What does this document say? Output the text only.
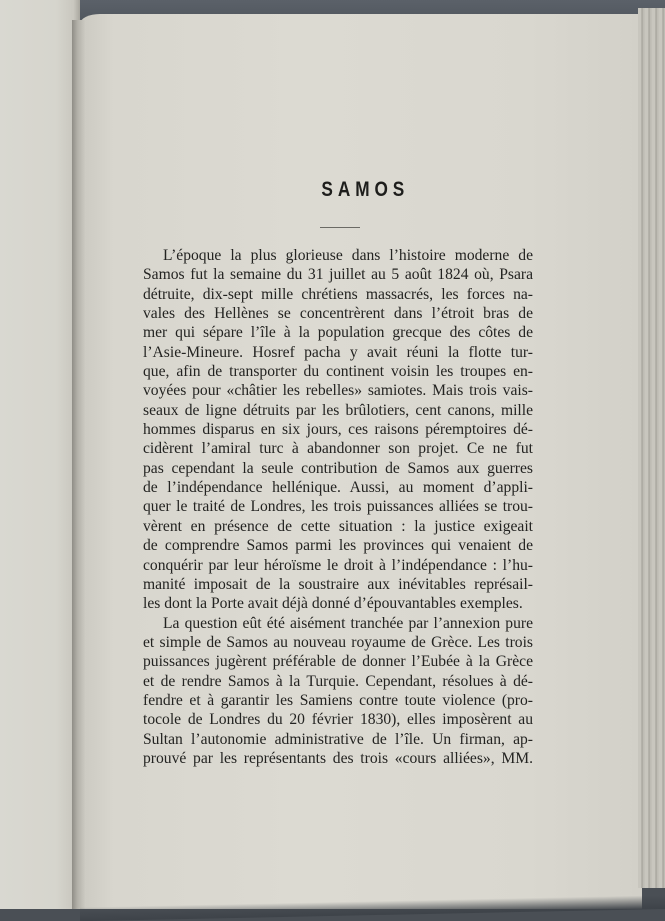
SAMOS
L’époque la plus glorieuse dans l’histoire moderne de
Samos fut la semaine du 31 juillet au 5 août 1824 où, Psara
détruite, dix-sept mille chrétiens massacrés, les forces na-
vales des Hellènes se concentrèrent dans l’étroit bras de
mer qui sépare l’île à la population grecque des côtes de
l’Asie-Mineure. Hosref pacha y avait réuni la flotte tur-
que, afin de transporter du continent voisin les troupes en-
voyées pour «châtier les rebelles» samiotes. Mais trois vais-
seaux de ligne détruits par les brûlotiers, cent canons, mille
hommes disparus en six jours, ces raisons péremptoires dé-
cidèrent l’amiral turc à abandonner son projet. Ce ne fut
pas cependant la seule contribution de Samos aux guerres
de l’indépendance hellénique. Aussi, au moment d’appli-
quer le traité de Londres, les trois puissances alliées se trou-
vèrent en présence de cette situation : la justice exigeait
de comprendre Samos parmi les provinces qui venaient de
conquérir par leur héroïsme le droit à l’indépendance : l’hu-
manité imposait de la soustraire aux inévitables représail-
les dont la Porte avait déjà donné d’épouvantables exemples.
La question eût été aisément tranchée par l’annexion pure
et simple de Samos au nouveau royaume de Grèce. Les trois
puissances jugèrent préférable de donner l’Eubée à la Grèce
et de rendre Samos à la Turquie. Cependant, résolues à dé-
fendre et à garantir les Samiens contre toute violence (pro-
tocole de Londres du 20 février 1830), elles imposèrent au
Sultan l’autonomie administrative de l’île. Un firman, ap-
prouvé par les représentants des trois «cours alliées», MM.
